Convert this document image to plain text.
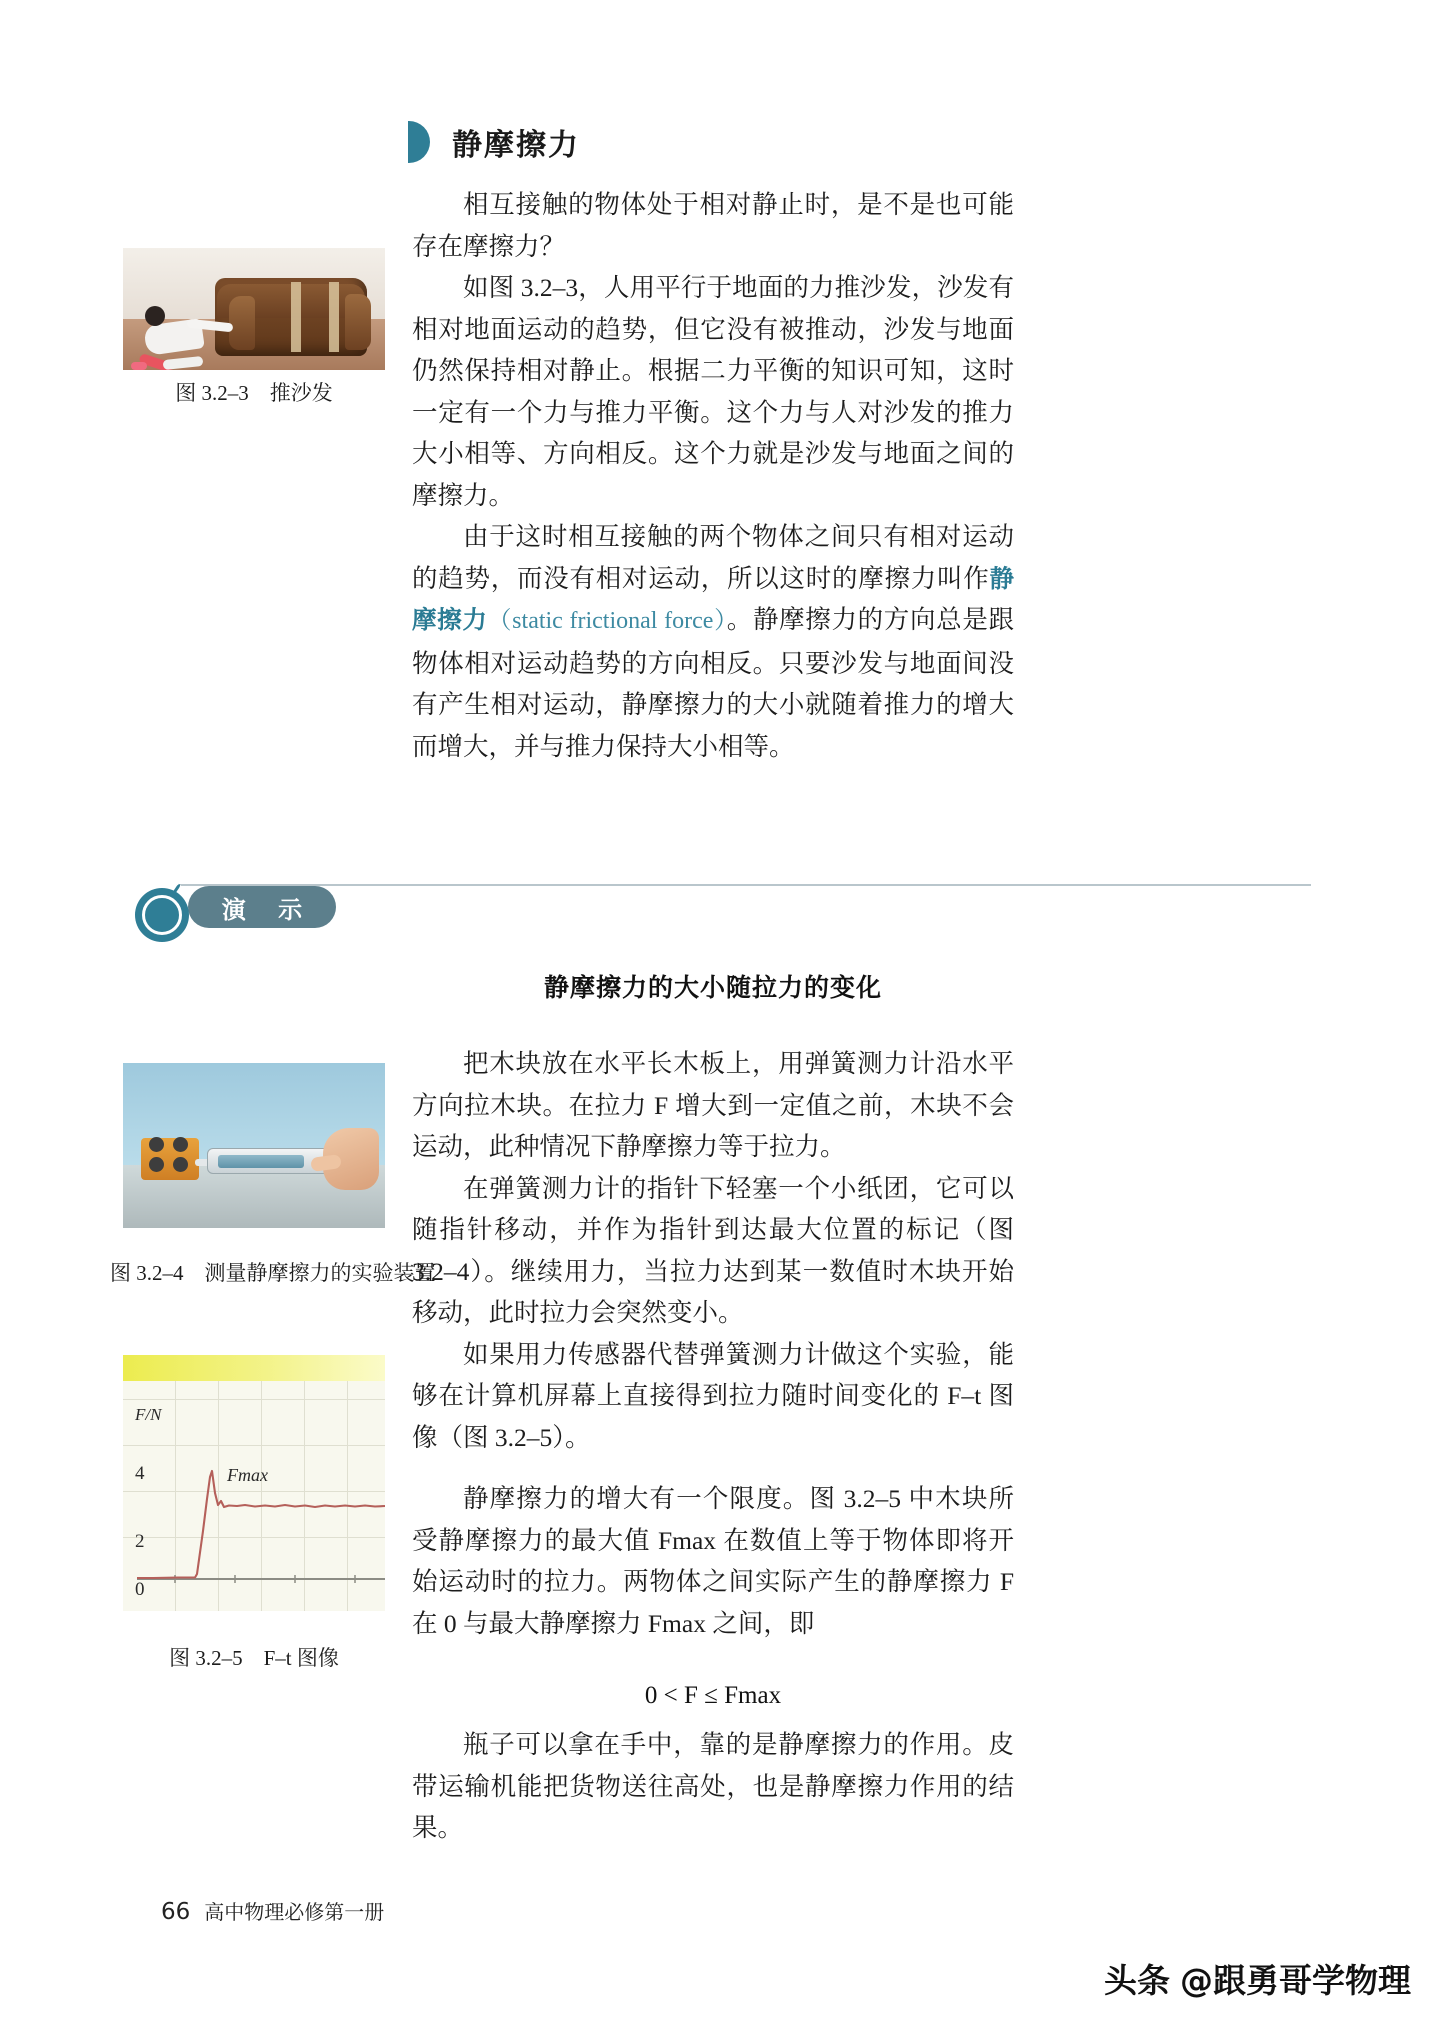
静摩擦力
图 3.2–3　推沙发

相互接触的物体处于相对静止时，是不是也可能存在摩擦力？

如图 3.2–3，人用平行于地面的力推沙发，沙发有相对地面运动的趋势，但它没有被推动，沙发与地面仍然保持相对静止。根据二力平衡的知识可知，这时一定有一个力与推力平衡。这个力与人对沙发的推力大小相等、方向相反。这个力就是沙发与地面之间的摩擦力。

由于这时相互接触的两个物体之间只有相对运动的趋势，而没有相对运动，所以这时的摩擦力叫作静摩擦力（static frictional force）。静摩擦力的方向总是跟物体相对运动趋势的方向相反。只要沙发与地面间没有产生相对运动，静摩擦力的大小就随着推力的增大而增大，并与推力保持大小相等。

演 示
静摩擦力的大小随拉力的变化
图 3.2–4　测量静摩擦力的实验装置
F/N
4
2
0
Fmax
图 3.2–5　F–t 图像

把木块放在水平长木板上，用弹簧测力计沿水平方向拉木块。在拉力 F 增大到一定值之前，木块不会运动，此种情况下静摩擦力等于拉力。

在弹簧测力计的指针下轻塞一个小纸团，它可以随指针移动，并作为指针到达最大位置的标记（图 3.2–4）。继续用力，当拉力达到某一数值时木块开始移动，此时拉力会突然变小。

如果用力传感器代替弹簧测力计做这个实验，能够在计算机屏幕上直接得到拉力随时间变化的 F–t 图像（图 3.2–5）。

静摩擦力的增大有一个限度。图 3.2–5 中木块所受静摩擦力的最大值 Fmax 在数值上等于物体即将开始运动时的拉力。两物体之间实际产生的静摩擦力 F 在 0 与最大静摩擦力 Fmax 之间，即

0 < F ≤ Fmax

瓶子可以拿在手中，靠的是静摩擦力的作用。皮带运输机能把货物送往高处，也是静摩擦力作用的结果。

66 高中物理必修第一册
头条 @跟勇哥学物理
